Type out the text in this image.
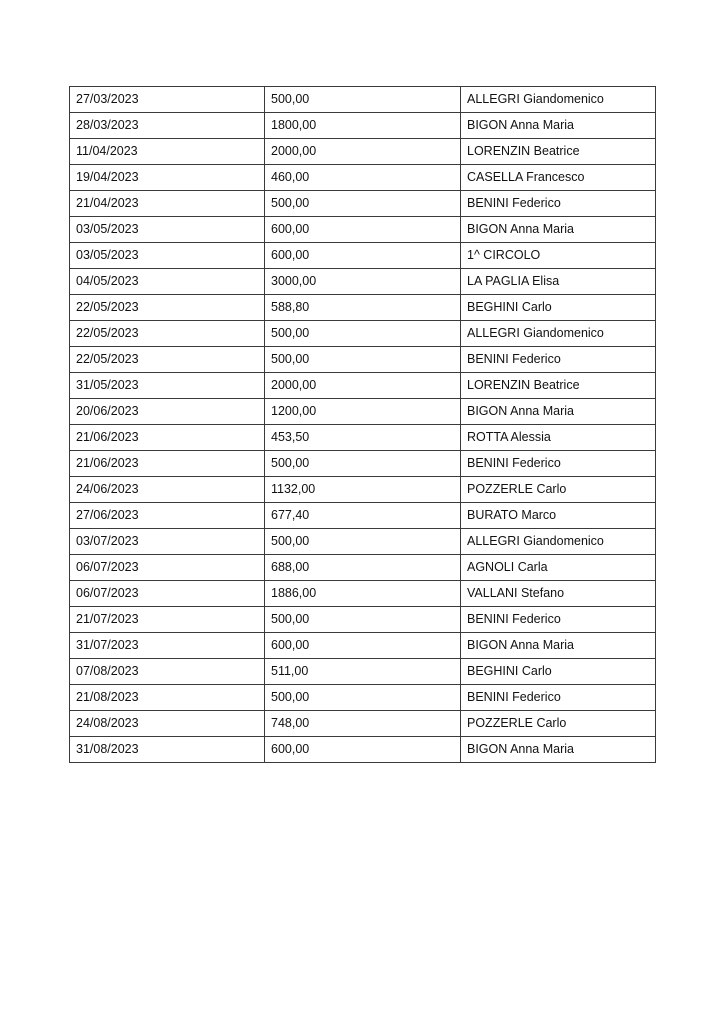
27/03/2023	500,00	ALLEGRI Giandomenico
28/03/2023	1800,00	BIGON Anna Maria
11/04/2023	2000,00	LORENZIN Beatrice
19/04/2023	460,00	CASELLA Francesco
21/04/2023	500,00	BENINI Federico
03/05/2023	600,00	BIGON Anna Maria
03/05/2023	600,00	1^ CIRCOLO
04/05/2023	3000,00	LA PAGLIA Elisa
22/05/2023	588,80	BEGHINI Carlo
22/05/2023	500,00	ALLEGRI Giandomenico
22/05/2023	500,00	BENINI Federico
31/05/2023	2000,00	LORENZIN Beatrice
20/06/2023	1200,00	BIGON Anna Maria
21/06/2023	453,50	ROTTA Alessia
21/06/2023	500,00	BENINI Federico
24/06/2023	1132,00	POZZERLE Carlo
27/06/2023	677,40	BURATO Marco
03/07/2023	500,00	ALLEGRI Giandomenico
06/07/2023	688,00	AGNOLI Carla
06/07/2023	1886,00	VALLANI Stefano
21/07/2023	500,00	BENINI Federico
31/07/2023	600,00	BIGON Anna Maria
07/08/2023	511,00	BEGHINI Carlo
21/08/2023	500,00	BENINI Federico
24/08/2023	748,00	POZZERLE Carlo
31/08/2023	600,00	BIGON Anna Maria
